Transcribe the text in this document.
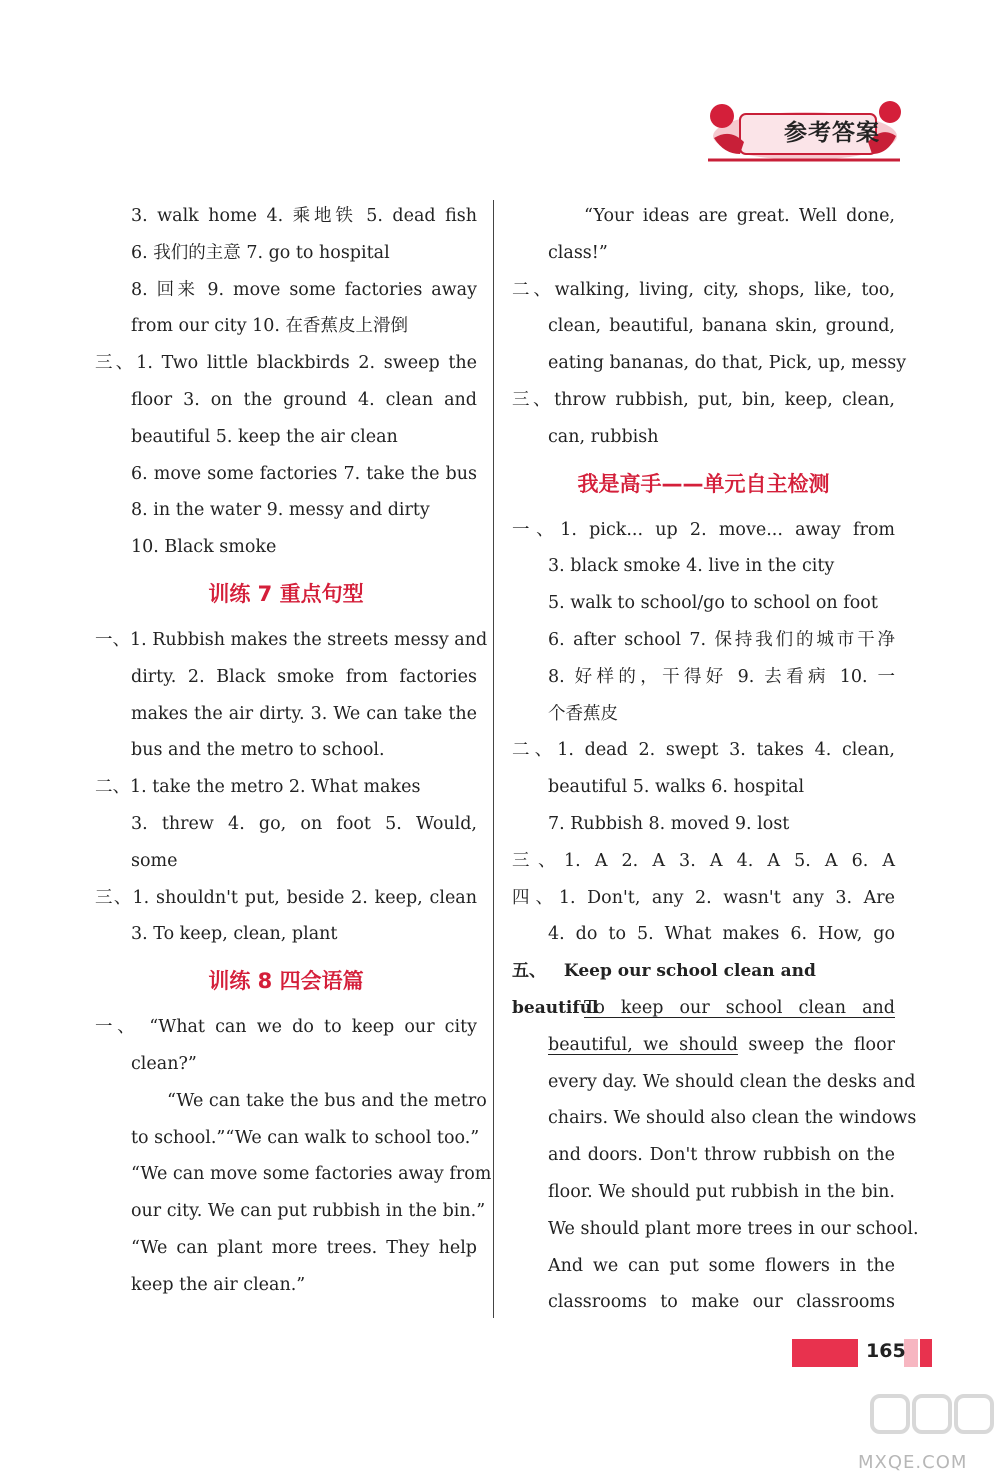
参考答案
3. walk home 4. 乘地铁 5. dead fish
6. 我们的主意 7. go to hospital
8. 回来 9. move some factories away
from our city 10. 在香蕉皮上滑倒
三、1. Two little blackbirds 2. sweep the
floor 3. on the ground 4. clean and
beautiful 5. keep the air clean
6. move some factories 7. take the bus
8. in the water 9. messy and dirty
10. Black smoke
训练 7 重点句型
一、1. Rubbish makes the streets messy and
dirty. 2. Black smoke from factories
makes the air dirty. 3. We can take the
bus and the metro to school.
二、1. take the metro 2. What makes
3. threw 4. go, on foot 5. Would,
some
三、1. shouldn't put, beside 2. keep, clean
3. To keep, clean, plant
训练 8 四会语篇
一、 “What can we do to keep our city
clean?”
“We can take the bus and the metro
to school.”“We can walk to school too.”
“We can move some factories away from
our city. We can put rubbish in the bin.”
“We can plant more trees. They help
keep the air clean.”
“Your ideas are great. Well done,
class!”
二、walking, living, city, shops, like, too,
clean, beautiful, banana skin, ground,
eating bananas, do that, Pick, up, messy
三、throw rubbish, put, bin, keep, clean,
can, rubbish
我是高手——单元自主检测
一、1. pick... up 2. move... away from
3. black smoke 4. live in the city
5. walk to school/go to school on foot
6. after school 7. 保持我们的城市干净
8. 好样的，干得好 9. 去看病 10. 一
个香蕉皮
二、1. dead 2. swept 3. takes 4. clean,
beautiful 5. walks 6. hospital
7. Rubbish 8. moved 9. lost
三、1. A 2. A 3. A 4. A 5. A 6. A
四、1. Don't, any 2. wasn't any 3. Are
4. do to 5. What makes 6. How, go
五、 Keep our school clean and beautiful
To keep our school clean and
beautiful, we should sweep the floor
every day. We should clean the desks and
chairs. We should also clean the windows
and doors. Don't throw rubbish on the
floor. We should put rubbish in the bin.
We should plant more trees in our school.
And we can put some flowers in the
classrooms to make our classrooms
165
MXQE.COM
